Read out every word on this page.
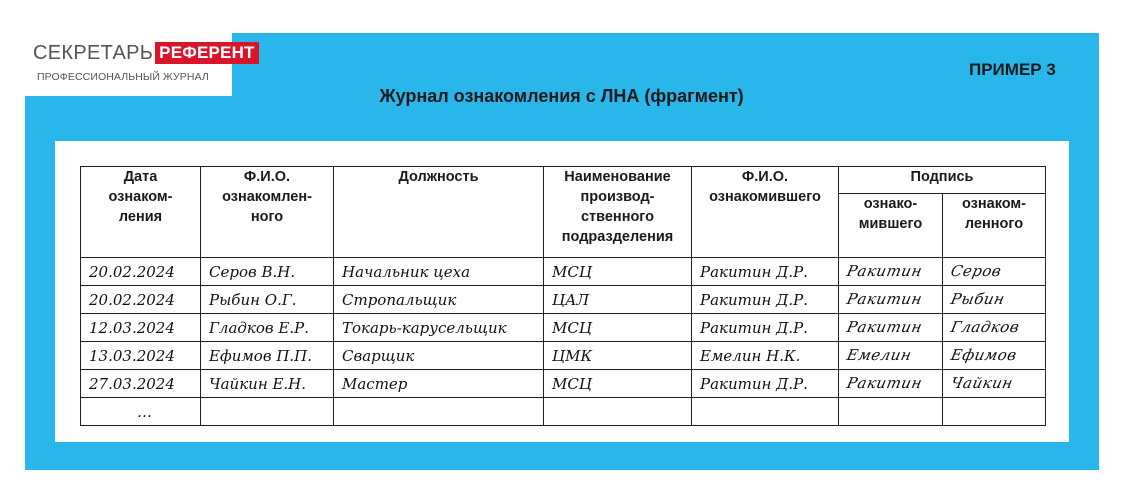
СЕКРЕТАРЬ РЕФЕРЕНТ
ПРОФЕССИОНАЛЬНЫЙ ЖУРНАЛ	ПРИМЕР 3
Журнал ознакомления с ЛНА (фрагмент)
Дата ознаком- ления	Ф.И.О. ознакомлен- ного	Должность	Наименование производ- ственного подразделения	Ф.И.О. ознакомившего	Подпись	

					ознако- мившего	ознаком- ленного

20.02.2024	Серов В.Н.	Начальник цеха	МСЦ	Ракитин Д.Р.	Ракитин	Серов
20.02.2024	Рыбин О.Г.	Стропальщик	ЦАЛ	Ракитин Д.Р.	Ракитин	Рыбин
12.03.2024	Гладков Е.Р.	Токарь-карусельщик	МСЦ	Ракитин Д.Р.	Ракитин	Гладков
13.03.2024	Ефимов П.П.	Сварщик	ЦМК	Емелин Н.К.	Емелин	Ефимов
27.03.2024	Чайкин Е.Н.	Мастер	МСЦ	Ракитин Д.Р.	Ракитин	Чайкин
…						
